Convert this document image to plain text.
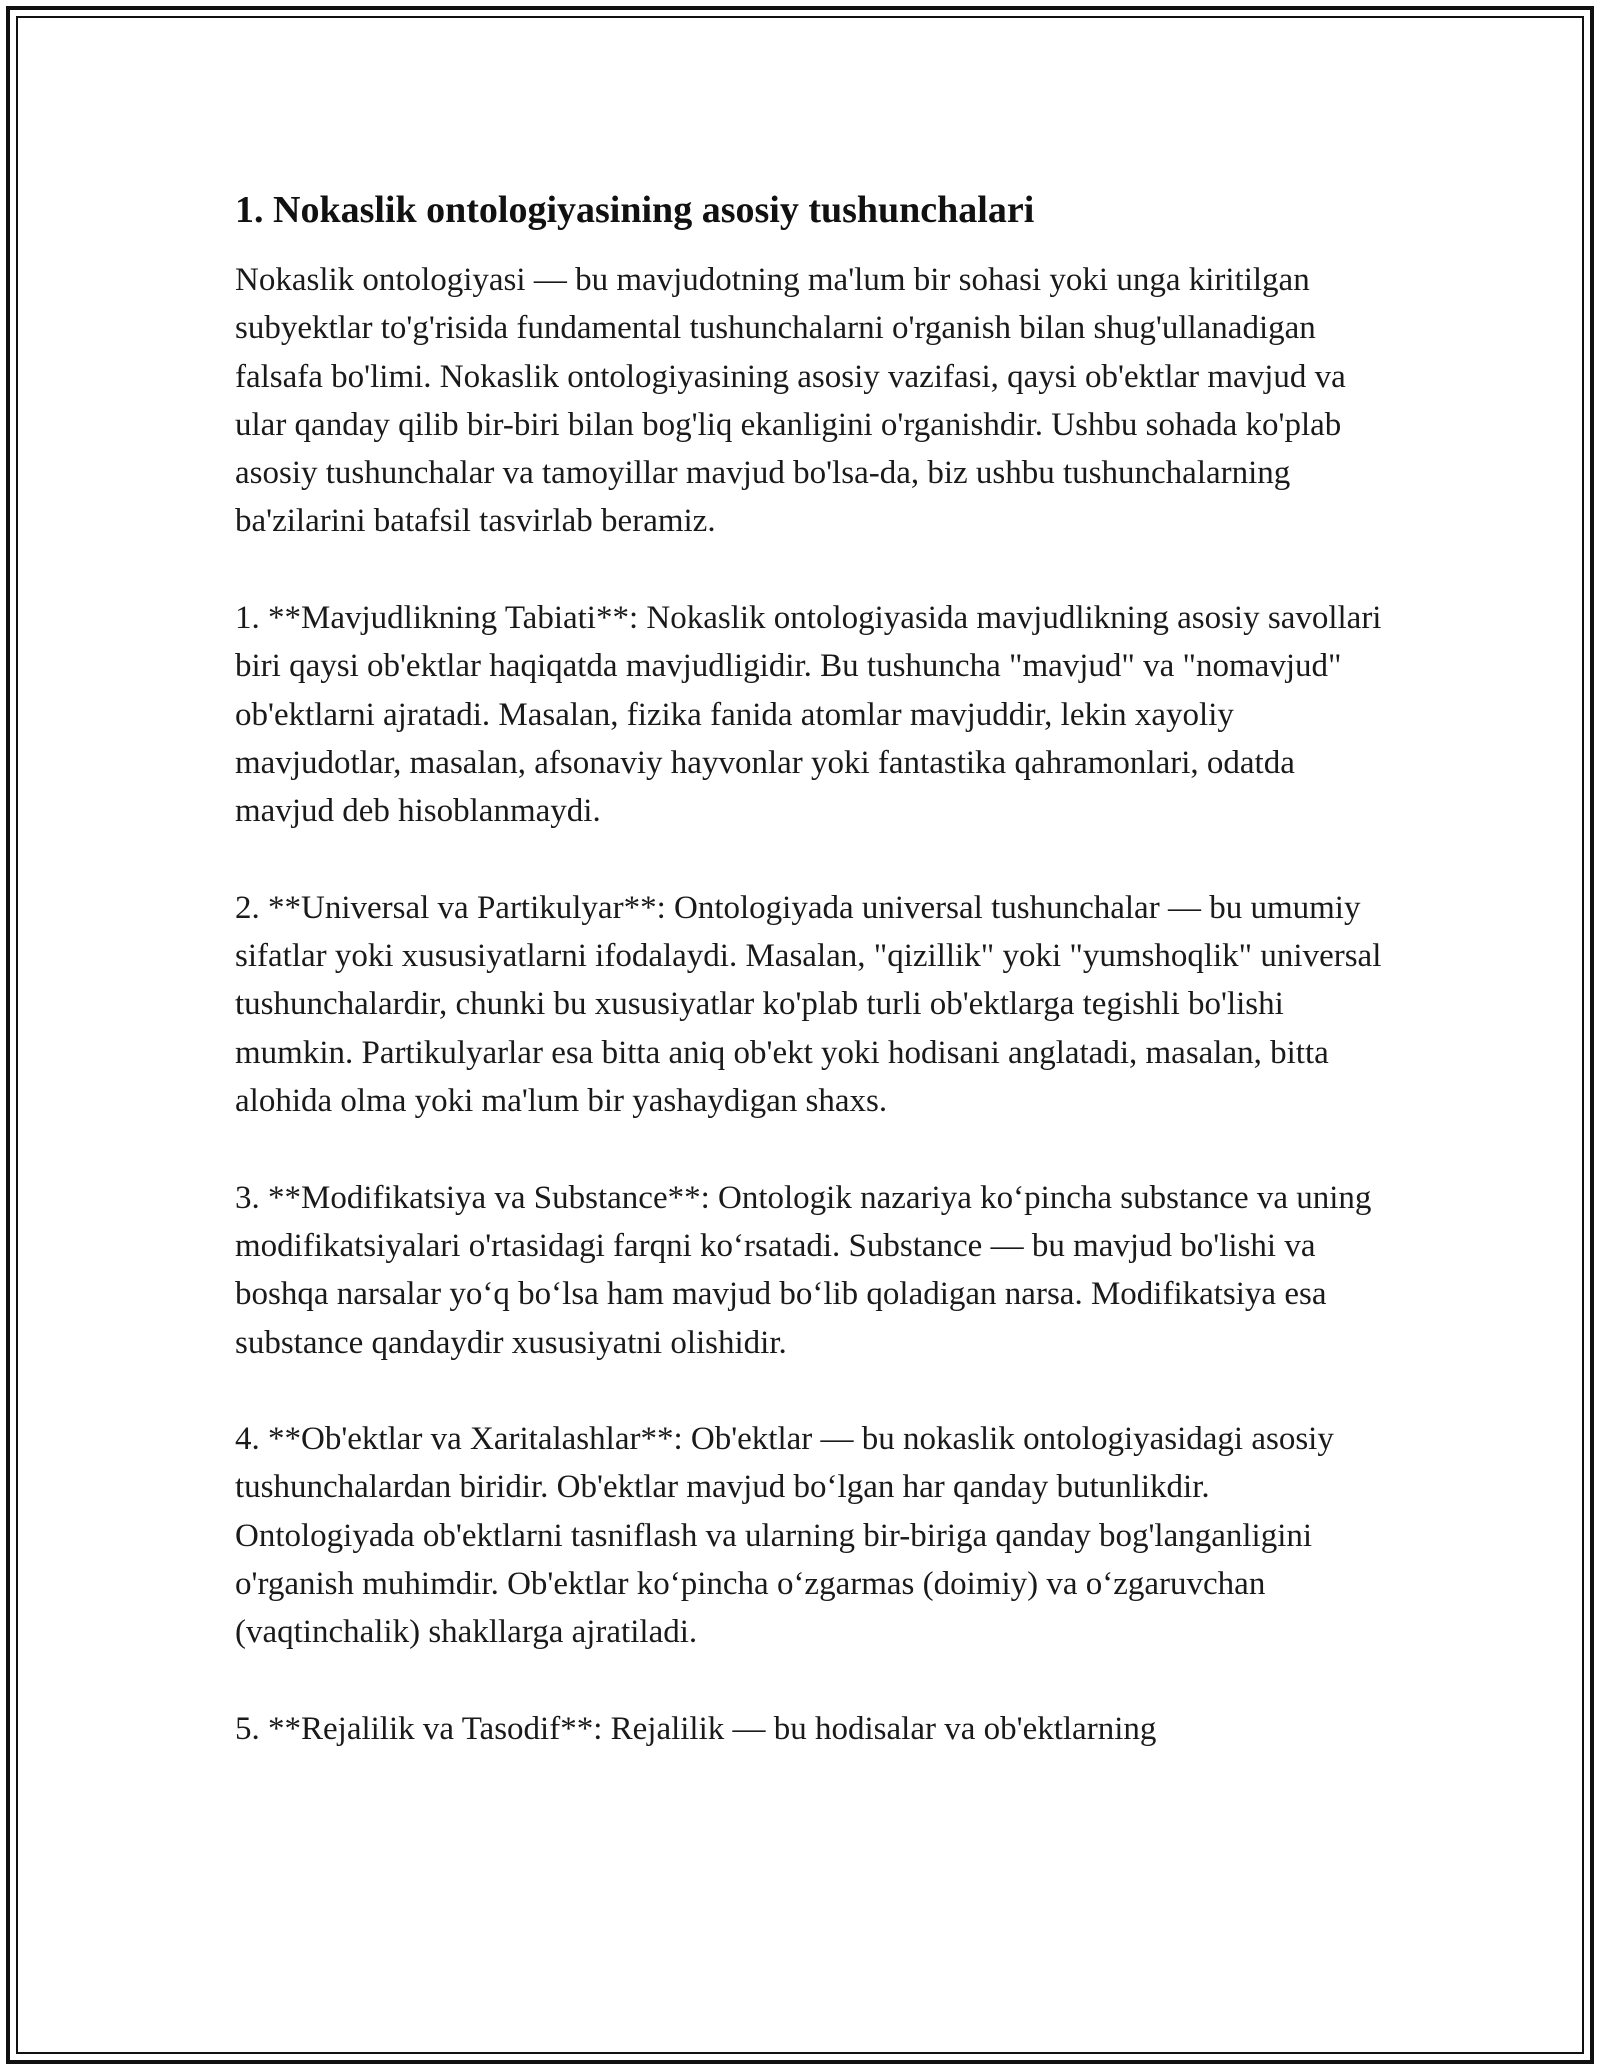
1. Nokaslik ontologiyasining asosiy tushunchalari

Nokaslik ontologiyasi — bu mavjudotning ma'lum bir sohasi yoki unga kiritilgan subyektlar to'g'risida fundamental tushunchalarni o'rganish bilan shug'ullanadigan falsafa bo'limi. Nokaslik ontologiyasining asosiy vazifasi, qaysi ob'ektlar mavjud va ular qanday qilib bir-biri bilan bog'liq ekanligini o'rganishdir. Ushbu sohada ko'plab asosiy tushunchalar va tamoyillar mavjud bo'lsa-da, biz ushbu tushunchalarning ba'zilarini batafsil tasvirlab beramiz.

1. **Mavjudlikning Tabiati**: Nokaslik ontologiyasida mavjudlikning asosiy savollari biri qaysi ob'ektlar haqiqatda mavjudligidir. Bu tushuncha "mavjud" va "nomavjud" ob'ektlarni ajratadi. Masalan, fizika fanida atomlar mavjuddir, lekin xayoliy mavjudotlar, masalan, afsonaviy hayvonlar yoki fantastika qahramonlari, odatda mavjud deb hisoblanmaydi.

2. **Universal va Partikulyar**: Ontologiyada universal tushunchalar — bu umumiy sifatlar yoki xususiyatlarni ifodalaydi. Masalan, "qizillik" yoki "yumshoqlik" universal tushunchalardir, chunki bu xususiyatlar ko'plab turli ob'ektlarga tegishli bo'lishi mumkin. Partikulyarlar esa bitta aniq ob'ekt yoki hodisani anglatadi, masalan, bitta alohida olma yoki ma'lum bir yashaydigan shaxs.

3. **Modifikatsiya va Substance**: Ontologik nazariya koʻpincha substance va uning modifikatsiyalari o'rtasidagi farqni koʻrsatadi. Substance — bu mavjud bo'lishi va boshqa narsalar yoʻq boʻlsa ham mavjud boʻlib qoladigan narsa. Modifikatsiya esa substance qandaydir xususiyatni olishidir.

4. **Ob'ektlar va Xaritalashlar**: Ob'ektlar — bu nokaslik ontologiyasidagi asosiy tushunchalardan biridir. Ob'ektlar mavjud boʻlgan har qanday butunlikdir. Ontologiyada ob'ektlarni tasniflash va ularning bir-biriga qanday bog'langanligini o'rganish muhimdir. Ob'ektlar koʻpincha oʻzgarmas (doimiy) va oʻzgaruvchan (vaqtinchalik) shakllarga ajratiladi.

5. **Rejalilik va Tasodif**: Rejalilik — bu hodisalar va ob'ektlarning
